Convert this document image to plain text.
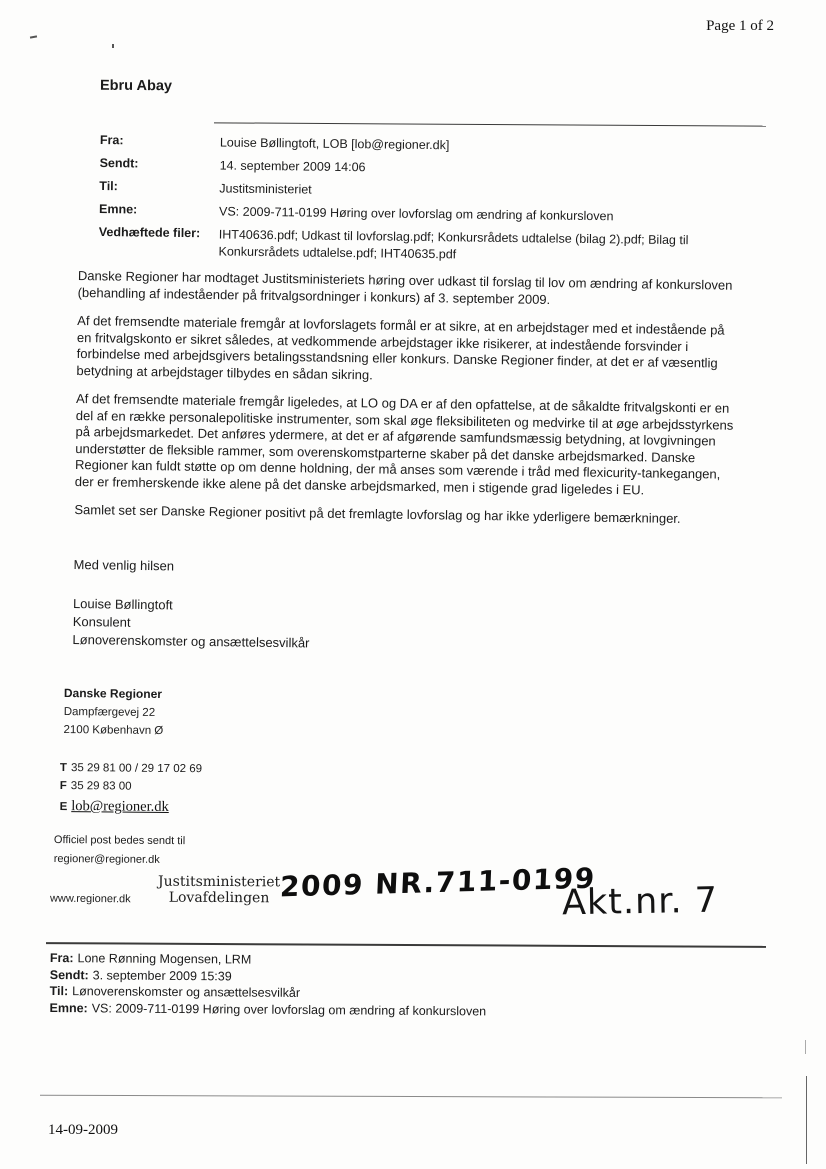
Page 1 of 2
Ebru Abay
Fra:	Louise Bøllingtoft, LOB [lob@regioner.dk]
Sendt:	14. september 2009 14:06
Til:	Justitsministeriet
Emne:	VS: 2009-711-0199 Høring over lovforslag om ændring af konkursloven
Vedhæftede filer:	IHT40636.pdf; Udkast til lovforslag.pdf; Konkursrådets udtalelse (bilag 2).pdf; Bilag til Konkursrådets udtalelse.pdf; IHT40635.pdf

Danske Regioner har modtaget Justitsministeriets høring over udkast til forslag til lov om ændring af konkursloven (behandling af indeståender på fritvalgsordninger i konkurs) af 3. september 2009.

Af det fremsendte materiale fremgår at lovforslagets formål er at sikre, at en arbejdstager med et indestående på en fritvalgskonto er sikret således, at vedkommende arbejdstager ikke risikerer, at indestående forsvinder i forbindelse med arbejdsgivers betalingsstandsning eller konkurs. Danske Regioner finder, at det er af væsentlig betydning at arbejdstager tilbydes en sådan sikring.

Af det fremsendte materiale fremgår ligeledes, at LO og DA er af den opfattelse, at de såkaldte fritvalgskonti er en del af en række personalepolitiske instrumenter, som skal øge fleksibiliteten og medvirke til at øge arbejdsstyrkens på arbejdsmarkedet. Det anføres ydermere, at det er af afgørende samfundsmæssig betydning, at lovgivningen understøtter de fleksible rammer, som overenskomstparterne skaber på det danske arbejdsmarked. Danske Regioner kan fuldt støtte op om denne holdning, der må anses som værende i tråd med flexicurity-tankegangen, der er fremherskende ikke alene på det danske arbejdsmarked, men i stigende grad ligeledes i EU.

Samlet set ser Danske Regioner positivt på det fremlagte lovforslag og har ikke yderligere bemærkninger.

Med venlig hilsen
Louise Bøllingtoft
Konsulent
Lønoverenskomster og ansættelsesvilkår
Danske Regioner
Dampfærgevej 22
2100 København Ø
T 35 29 81 00 / 29 17 02 69
F 35 29 83 00
E lob@regioner.dk
Officiel post bedes sendt til
regioner@regioner.dk
www.regioner.dk
Justitsministeriet
Lovafdelingen 2009 NR.711-0199
Akt.nr. 7
Fra: Lone Rønning Mogensen, LRM
Sendt: 3. september 2009 15:39
Til: Lønoverenskomster og ansættelsesvilkår
Emne: VS: 2009-711-0199 Høring over lovforslag om ændring af konkursloven
14-09-2009
